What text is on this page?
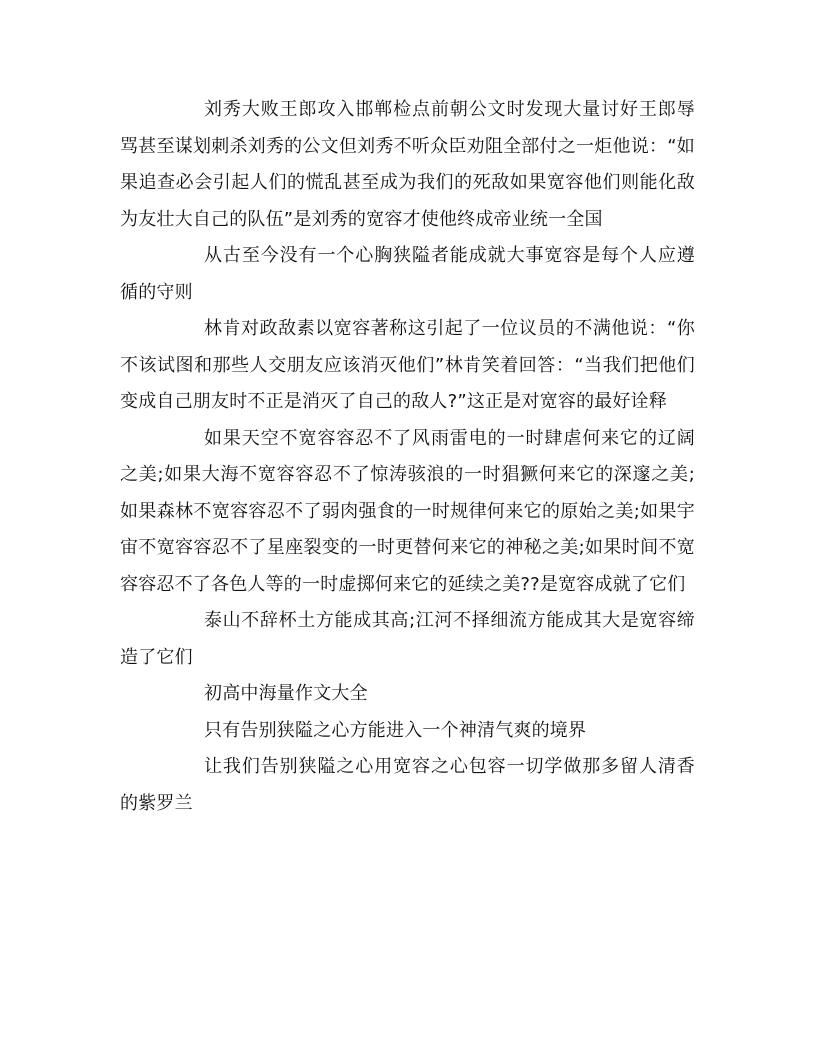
刘秀大败王郎攻入邯郸检点前朝公文时发现大量讨好王郎辱骂甚至谋划刺杀刘秀的公文但刘秀不听众臣劝阻全部付之一炬他说：“如果追查必会引起人们的慌乱甚至成为我们的死敌如果宽容他们则能化敌为友壮大自己的队伍”是刘秀的宽容才使他终成帝业统一全国

从古至今没有一个心胸狭隘者能成就大事宽容是每个人应遵循的守则

林肯对政敌素以宽容著称这引起了一位议员的不满他说：“你不该试图和那些人交朋友应该消灭他们”林肯笑着回答：“当我们把他们变成自己朋友时不正是消灭了自己的敌人?”这正是对宽容的最好诠释

如果天空不宽容容忍不了风雨雷电的一时肆虐何来它的辽阔之美;如果大海不宽容容忍不了惊涛骇浪的一时猖獗何来它的深邃之美;如果森林不宽容容忍不了弱肉强食的一时规律何来它的原始之美;如果宇宙不宽容容忍不了星座裂变的一时更替何来它的神秘之美;如果时间不宽容容忍不了各色人等的一时虚掷何来它的延续之美??是宽容成就了它们

泰山不辞杯土方能成其高;江河不择细流方能成其大是宽容缔造了它们

初高中海量作文大全

只有告别狭隘之心方能进入一个神清气爽的境界

让我们告别狭隘之心用宽容之心包容一切学做那多留人清香的紫罗兰
